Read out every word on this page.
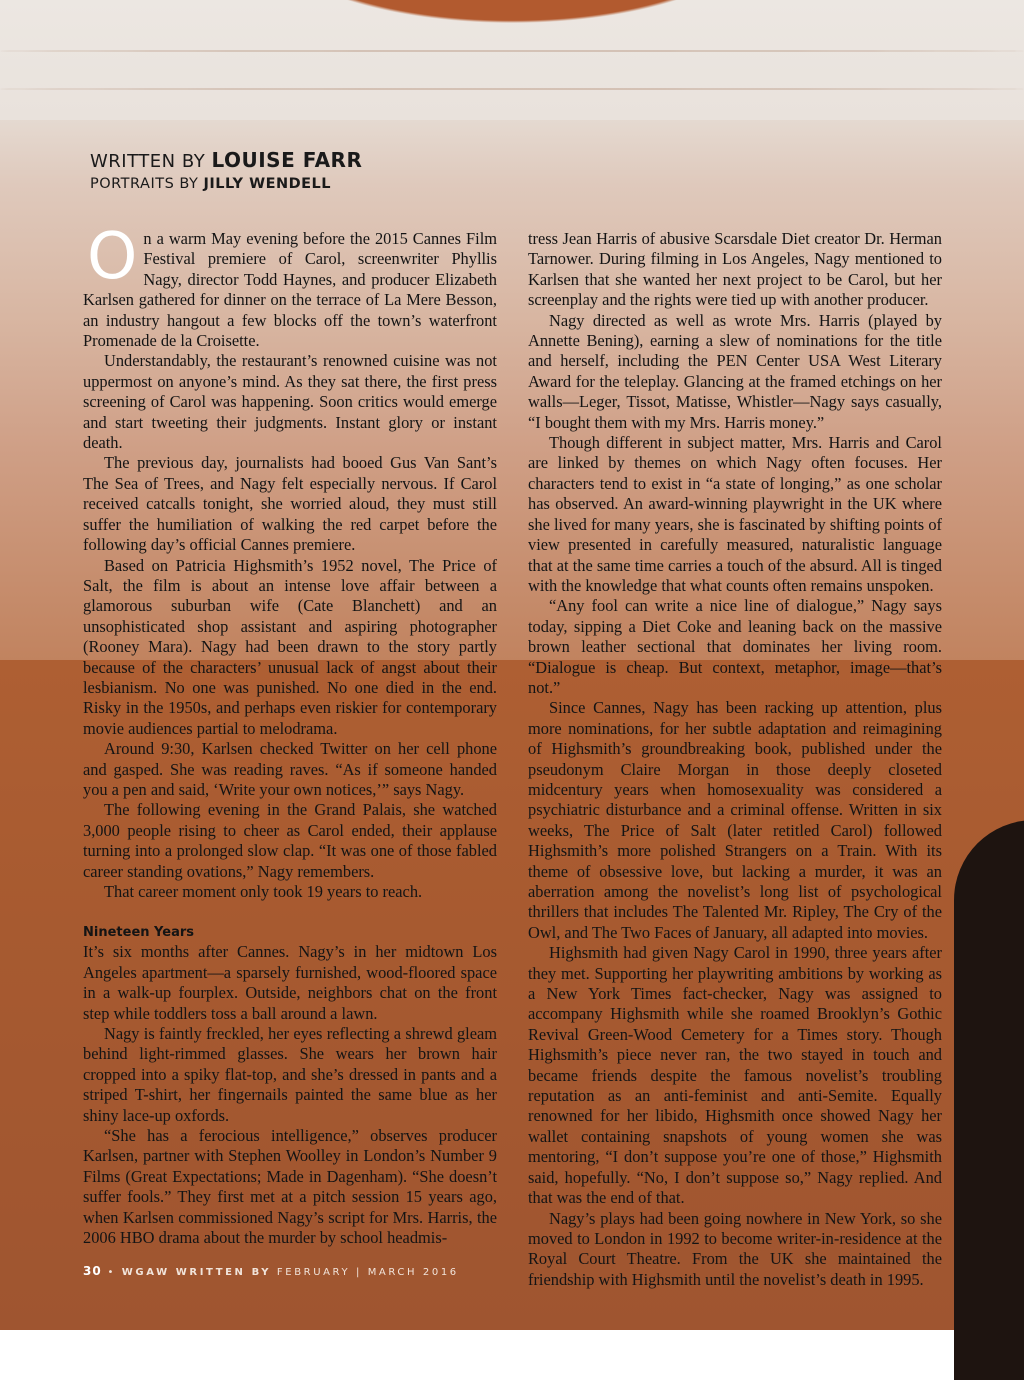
WRITTEN BY LOUISE FARR
PORTRAITS BY JILLY WENDELL
O n a warm May evening before the 2015 Cannes Film Festival premiere of Carol, screenwriter Phyllis Nagy, director Todd Haynes, and producer Elizabeth Karlsen gathered for dinner on the terrace of La Mere Besson, an industry hangout a few blocks off the town’s waterfront Promenade de la Croisette.

Understandably, the restaurant’s renowned cuisine was not uppermost on anyone’s mind. As they sat there, the first press screening of Carol was happening. Soon critics would emerge and start tweeting their judgments. Instant glory or instant death.

The previous day, journalists had booed Gus Van Sant’s The Sea of Trees, and Nagy felt especially nervous. If Carol received catcalls tonight, she worried aloud, they must still suffer the humiliation of walking the red carpet before the following day’s official Cannes premiere.

Based on Patricia Highsmith’s 1952 novel, The Price of Salt, the film is about an intense love affair between a glamorous suburban wife (Cate Blanchett) and an unsophisticated shop assistant and aspiring photographer (Rooney Mara). Nagy had been drawn to the story partly because of the characters’ unusual lack of angst about their lesbianism. No one was punished. No one died in the end. Risky in the 1950s, and perhaps even riskier for contemporary movie audiences partial to melodrama.

Around 9:30, Karlsen checked Twitter on her cell phone and gasped. She was reading raves. “As if someone handed you a pen and said, ‘Write your own notices,’” says Nagy.

The following evening in the Grand Palais, she watched 3,000 people rising to cheer as Carol ended, their applause turning into a prolonged slow clap. “It was one of those fabled career standing ovations,” Nagy remembers.

That career moment only took 19 years to reach.

Nineteen Years

It’s six months after Cannes. Nagy’s in her midtown Los Angeles apartment—a sparsely furnished, wood-floored space in a walk-up fourplex. Outside, neighbors chat on the front step while toddlers toss a ball around a lawn.

Nagy is faintly freckled, her eyes reflecting a shrewd gleam behind light-rimmed glasses. She wears her brown hair cropped into a spiky flat-top, and she’s dressed in pants and a striped T-shirt, her fingernails painted the same blue as her shiny lace-up oxfords.

“She has a ferocious intelligence,” observes producer Karlsen, partner with Stephen Woolley in London’s Number 9 Films (Great Expectations; Made in Dagenham). “She doesn’t suffer fools.” They first met at a pitch session 15 years ago, when Karlsen commissioned Nagy’s script for Mrs. Harris, the 2006 HBO drama about the murder by school headmis-

tress Jean Harris of abusive Scarsdale Diet creator Dr. Herman Tarnower. During filming in Los Angeles, Nagy mentioned to Karlsen that she wanted her next project to be Carol, but her screenplay and the rights were tied up with another producer.

Nagy directed as well as wrote Mrs. Harris (played by Annette Bening), earning a slew of nominations for the title and herself, including the PEN Center USA West Literary Award for the teleplay. Glancing at the framed etchings on her walls—Leger, Tissot, Matisse, Whistler—Nagy says casually, “I bought them with my Mrs. Harris money.”

Though different in subject matter, Mrs. Harris and Carol are linked by themes on which Nagy often focuses. Her characters tend to exist in “a state of longing,” as one scholar has observed. An award-winning playwright in the UK where she lived for many years, she is fascinated by shifting points of view presented in carefully measured, naturalistic language that at the same time carries a touch of the absurd. All is tinged with the knowledge that what counts often remains unspoken.

“Any fool can write a nice line of dialogue,” Nagy says today, sipping a Diet Coke and leaning back on the massive brown leather sectional that dominates her living room. “Dialogue is cheap. But context, metaphor, image—that’s not.”

Since Cannes, Nagy has been racking up attention, plus more nominations, for her subtle adaptation and reimagining of Highsmith’s groundbreaking book, published under the pseudonym Claire Morgan in those deeply closeted midcentury years when homosexuality was considered a psychiatric disturbance and a criminal offense. Written in six weeks, The Price of Salt (later retitled Carol) followed Highsmith’s more polished Strangers on a Train. With its theme of obsessive love, but lacking a murder, it was an aberration among the novelist’s long list of psychological thrillers that includes The Talented Mr. Ripley, The Cry of the Owl, and The Two Faces of January, all adapted into movies.

Highsmith had given Nagy Carol in 1990, three years after they met. Supporting her playwriting ambitions by working as a New York Times fact-checker, Nagy was assigned to accompany Highsmith while she roamed Brooklyn’s Gothic Revival Green-Wood Cemetery for a Times story. Though Highsmith’s piece never ran, the two stayed in touch and became friends despite the famous novelist’s troubling reputation as an anti-feminist and anti-Semite. Equally renowned for her libido, Highsmith once showed Nagy her wallet containing snapshots of young women she was mentoring, “I don’t suppose you’re one of those,” Highsmith said, hopefully. “No, I don’t suppose so,” Nagy replied. And that was the end of that.

Nagy’s plays had been going nowhere in New York, so she moved to London in 1992 to become writer-in-residence at the Royal Court Theatre. From the UK she maintained the friendship with Highsmith until the novelist’s death in 1995.

30 • WGAW WRITTEN BY FEBRUARY | MARCH 2016
